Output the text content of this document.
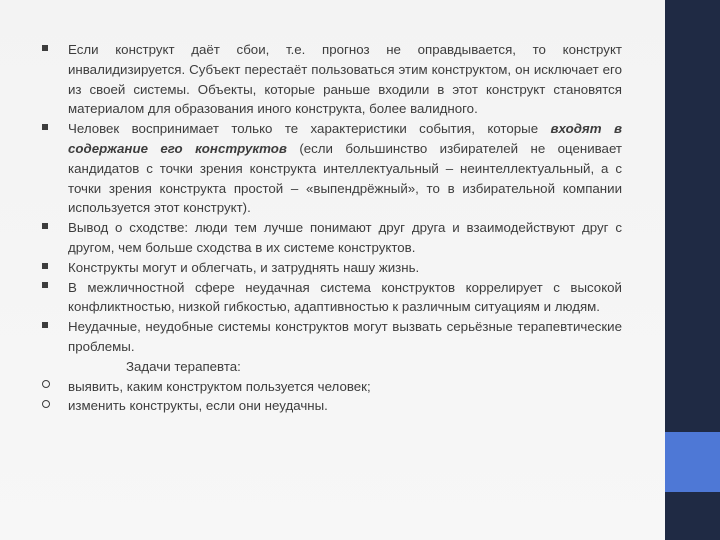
Если конструкт даёт сбои, т.е. прогноз не оправдывается, то конструкт инвалидизируется. Субъект перестаёт пользоваться этим конструктом, он исключает его из своей системы. Объекты, которые раньше входили в этот конструкт становятся материалом для образования иного конструкта, более валидного.

Человек воспринимает только те характеристики события, которые входят в содержание его конструктов (если большинство избирателей не оценивает кандидатов с точки зрения конструкта интеллектуальный – неинтеллектуальный, а с точки зрения конструкта простой – «выпендрёжный», то в избирательной компании используется этот конструкт).

Вывод о сходстве: люди тем лучше понимают друг друга и взаимодействуют друг с другом, чем больше сходства в их системе конструктов.

Конструкты могут и облегчать, и затруднять нашу жизнь.

В межличностной сфере неудачная система конструктов коррелирует с высокой конфликтностью, низкой гибкостью, адаптивностью к различным ситуациям и людям.

Неудачные, неудобные системы конструктов могут вызвать серьёзные терапевтические проблемы.

Задачи терапевта:

выявить, каким конструктом пользуется человек;

изменить конструкты, если они неудачны.
